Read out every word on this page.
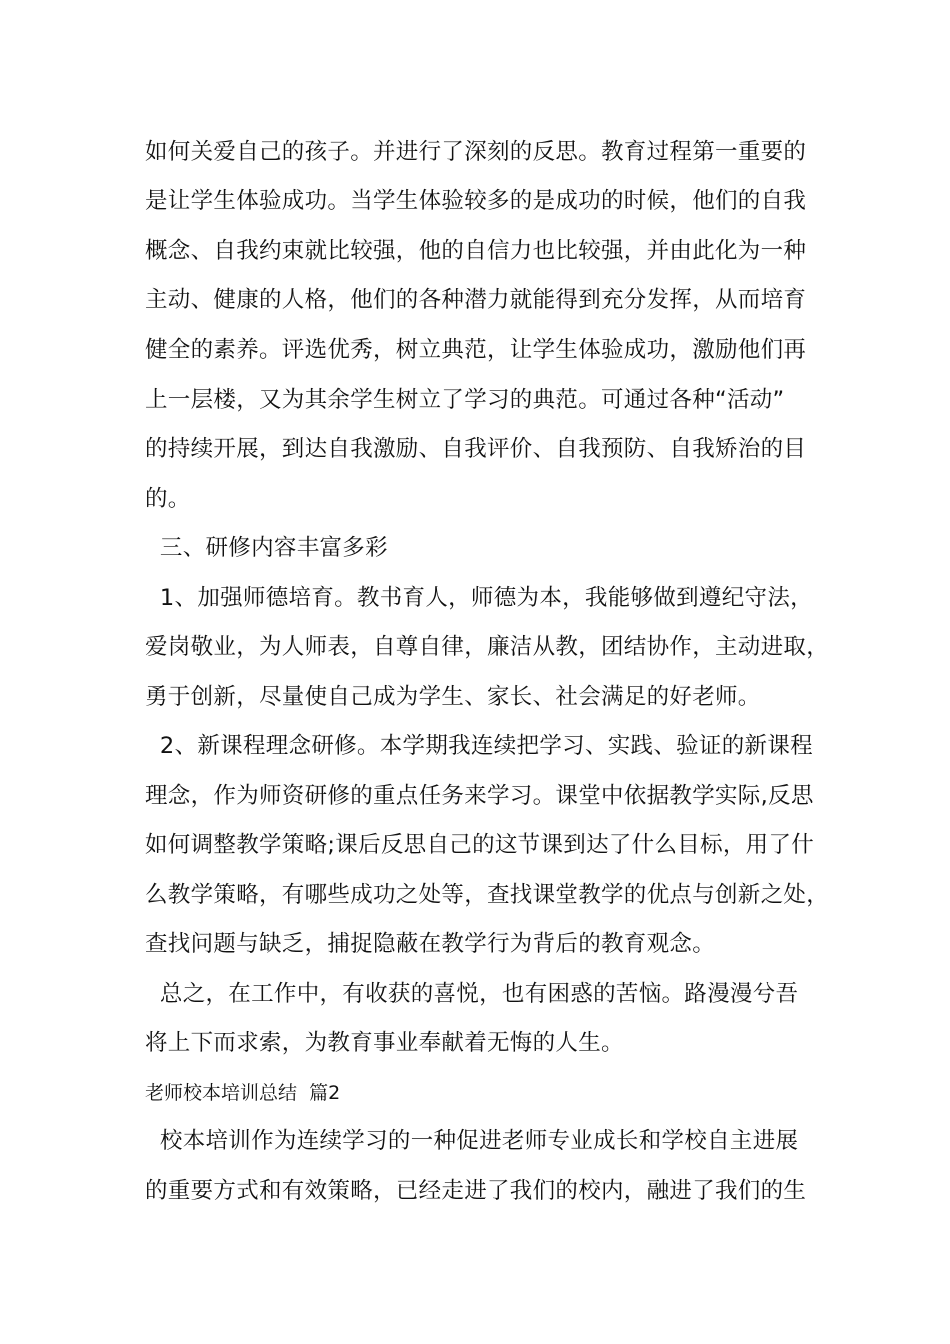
如何关爱自己的孩子。并进行了深刻的反思。教育过程第一重要的
是让学生体验成功。当学生体验较多的是成功的时候，他们的自我
概念、自我约束就比较强，他的自信力也比较强，并由此化为一种
主动、健康的人格，他们的各种潜力就能得到充分发挥，从而培育
健全的素养。评选优秀，树立典范，让学生体验成功，激励他们再
上一层楼，又为其余学生树立了学习的典范。可通过各种“活动”
的持续开展，到达自我激励、自我评价、自我预防、自我矫治的目
的。
三、研修内容丰富多彩
1、加强师德培育。教书育人，师德为本，我能够做到遵纪守法，
爱岗敬业，为人师表，自尊自律，廉洁从教，团结协作，主动进取，
勇于创新，尽量使自己成为学生、家长、社会满足的好老师。
2、新课程理念研修。本学期我连续把学习、实践、验证的新课程
理念，作为师资研修的重点任务来学习。课堂中依据教学实际,反思
如何调整教学策略;课后反思自己的这节课到达了什么目标，用了什
么教学策略，有哪些成功之处等，查找课堂教学的优点与创新之处，
查找问题与缺乏，捕捉隐蔽在教学行为背后的教育观念。
总之，在工作中，有收获的喜悦，也有困惑的苦恼。路漫漫兮吾
将上下而求索，为教育事业奉献着无悔的人生。
老师校本培训总结  篇2
校本培训作为连续学习的一种促进老师专业成长和学校自主进展
的重要方式和有效策略，已经走进了我们的校内，融进了我们的生
